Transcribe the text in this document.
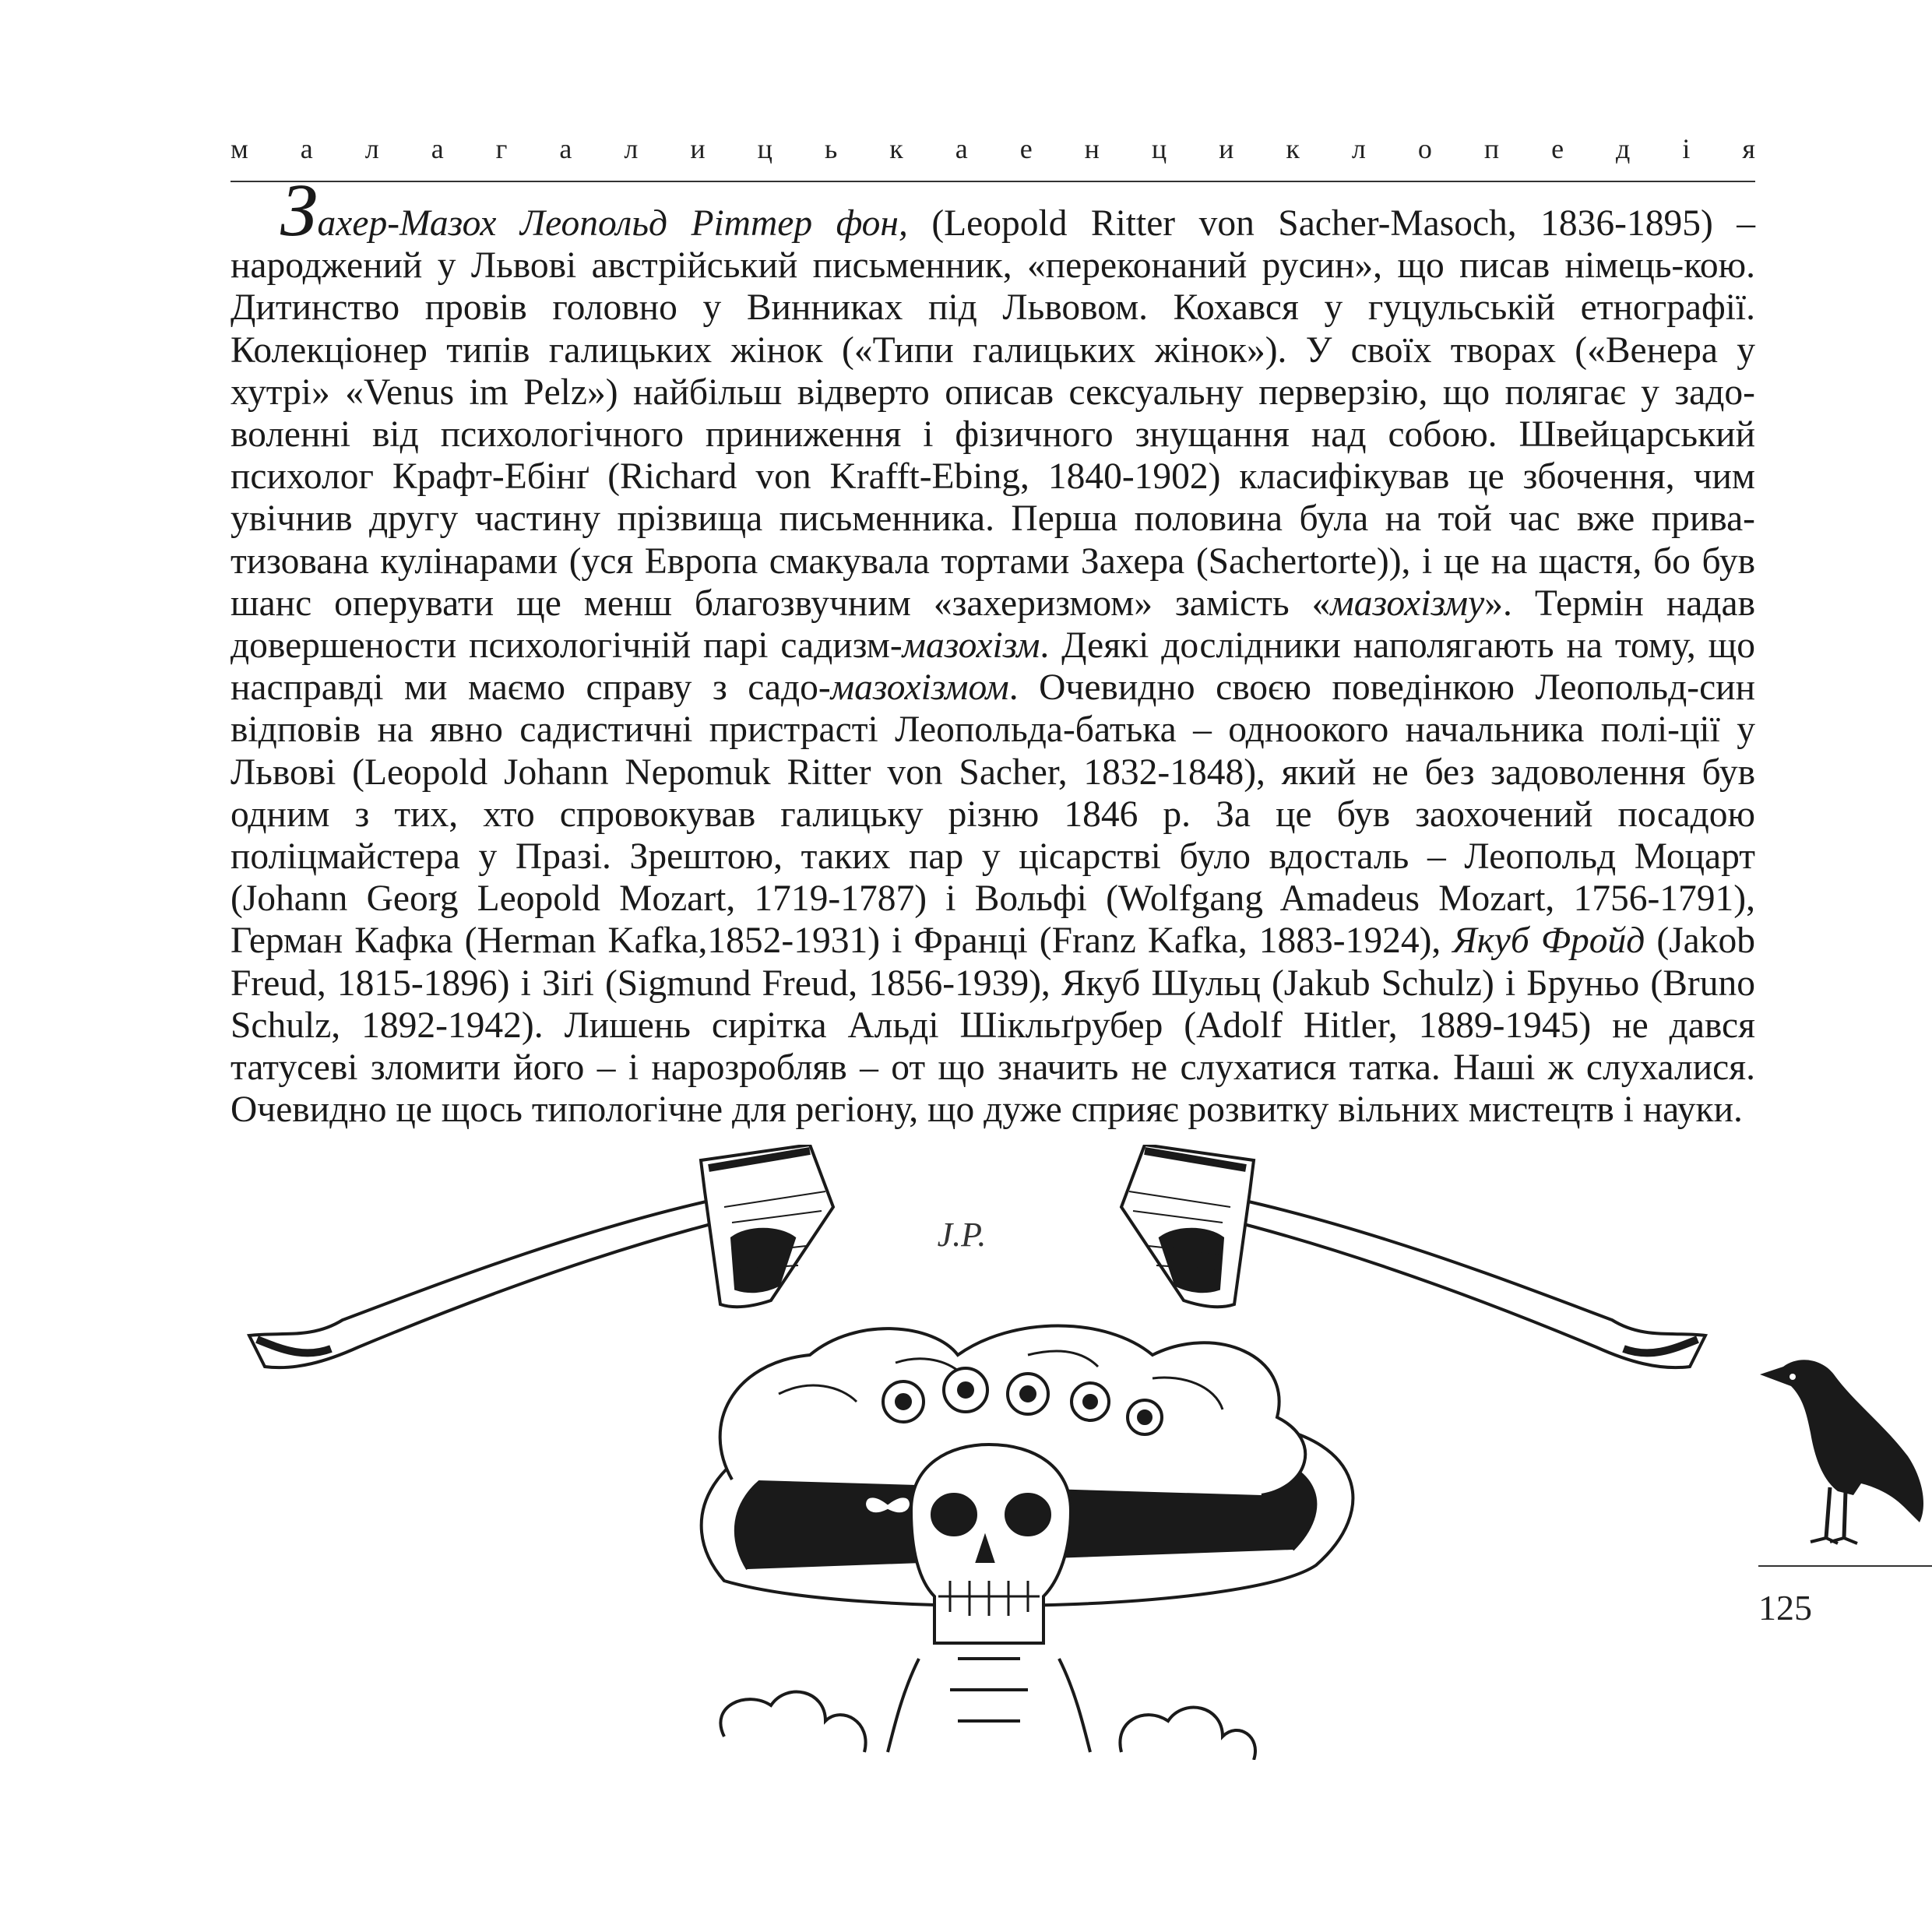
м а л а г а л и ц ь к а е н ц и к л о п е д і я

Захер-Мазох Леопольд Ріттер фон, (Leopold Ritter von Sacher-Masoch, 1836-1895) – народжений у Львові австрійський письменник, «переконаний русин», що писав німець-кою. Дитинство провів головно у Винниках під Львовом. Кохався у гуцульській етнографії. Колекціонер типів галицьких жінок («Типи галицьких жінок»). У своїх творах («Венера у хутрі» «Venus im Pelz») найбільш відверто описав сексуальну перверзію, що полягає у задо-воленні від психологічного приниження і фізичного знущання над собою. Швейцарський психолог Крафт-Ебінґ (Richard von Krafft-Ebing, 1840-1902) класифікував це збочення, чим увічнив другу частину прізвища письменника. Перша половина була на той час вже прива-тизована кулінарами (уся Европа смакувала тортами Захера (Sachertorte)), і це на щастя, бо був шанс оперувати ще менш благозвучним «захеризмом» замість «мазохізму». Термін надав довершености психологічній парі садизм-мазохізм. Деякі дослідники наполягають на тому, що насправді ми маємо справу з садо-мазохізмом. Очевидно своєю поведінкою Леопольд-син відповів на явно садистичні пристрасті Леопольда-батька – одноокого начальника полі-ції у Львові (Leopold Johann Nepomuk Ritter von Sacher, 1832-1848), який не без задоволення був одним з тих, хто спровокував галицьку різню 1846 р. За це був заохочений посадою поліцмайстера у Празі. Зрештою, таких пар у цісарстві було вдосталь – Леопольд Моцарт (Johann Georg Leopold Mozart, 1719-1787) і Вольфі (Wolfgang Amadeus Mozart, 1756-1791), Герман Кафка (Herman Kafka,1852-1931) і Франці (Franz Kafka, 1883-1924), Якуб Фройд (Jakob Freud, 1815-1896) і Зіґі (Sigmund Freud, 1856-1939), Якуб Шульц (Jakub Schulz) і Бруньо (Bruno Schulz, 1892-1942). Лишень сирітка Альді Шікльґрубер (Adolf Hitler, 1889-1945) не дався татусеві зломити його – і нарозробляв – от що значить не слухатися татка. Наші ж слухалися. Очевидно це щось типологічне для регіону, що дуже сприяє розвитку вільних мистецтв і науки.

J.P.
125
